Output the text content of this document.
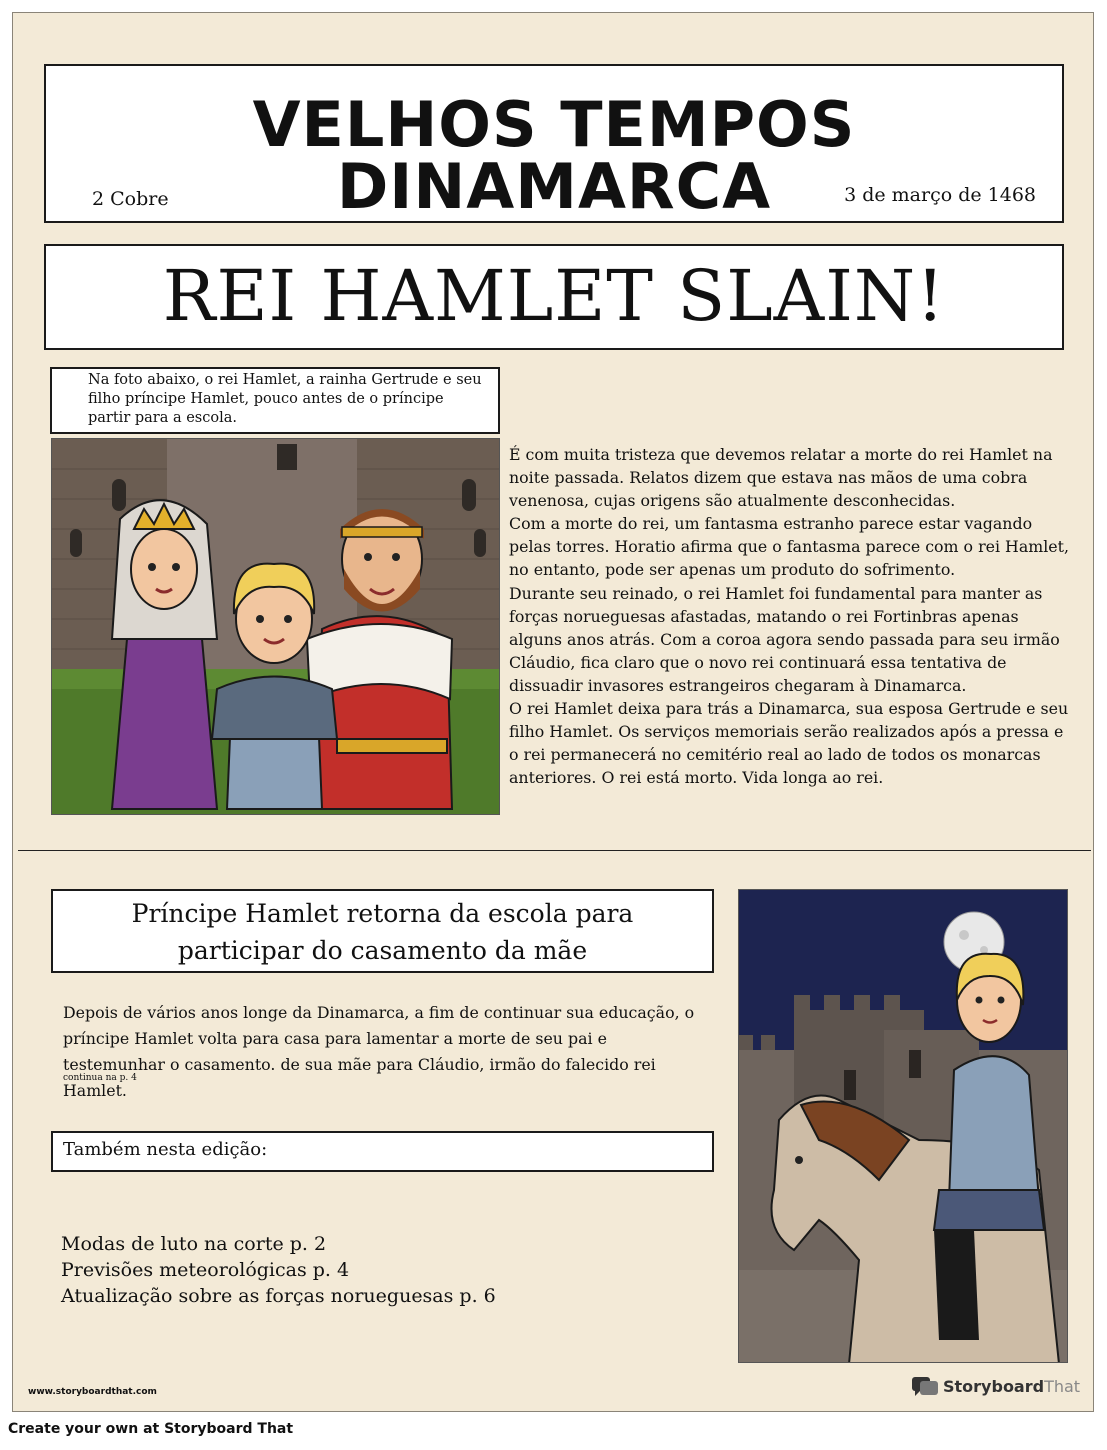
VELHOS TEMPOS DINAMARCA
2 Cobre	3 de março de 1468
REI HAMLET SLAIN!
Na foto abaixo, o rei Hamlet, a rainha Gertrude e seu filho príncipe Hamlet, pouco antes de o príncipe partir para a escola.

É com muita tristeza que devemos relatar a morte do rei Hamlet na noite passada. Relatos dizem que estava nas mãos de uma cobra venenosa, cujas origens são atualmente desconhecidas.

Com a morte do rei, um fantasma estranho parece estar vagando pelas torres. Horatio afirma que o fantasma parece com o rei Hamlet, no entanto, pode ser apenas um produto do sofrimento.

Durante seu reinado, o rei Hamlet foi fundamental para manter as forças norueguesas afastadas, matando o rei Fortinbras apenas alguns anos atrás. Com a coroa agora sendo passada para seu irmão Cláudio, fica claro que o novo rei continuará essa tentativa de dissuadir invasores estrangeiros chegaram à Dinamarca.

O rei Hamlet deixa para trás a Dinamarca, sua esposa Gertrude e seu filho Hamlet. Os serviços memoriais serão realizados após a pressa e o rei permanecerá no cemitério real ao lado de todos os monarcas anteriores. O rei está morto. Vida longa ao rei.

Príncipe Hamlet retorna da escola para
participar do casamento da mãe
Depois de vários anos longe da Dinamarca, a fim de continuar sua educação, o príncipe Hamlet volta para casa para lamentar a morte de seu pai e testemunhar o casamento. de sua mãe para Cláudio, irmão do falecido rei Hamlet.
continua na p. 4
Também nesta edição:
Modas de luto na corte p. 2
Previsões meteorológicas p. 4
Atualização sobre as forças norueguesas p. 6
www.storyboardthat.com	Storyboard That
Create your own at Storyboard That
